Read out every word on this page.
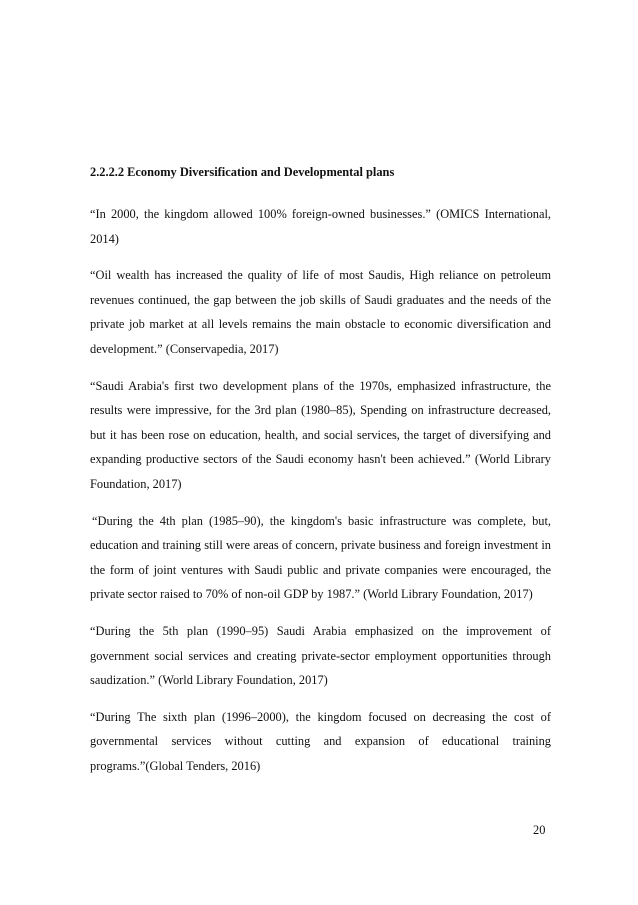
2.2.2.2 Economy Diversification and Developmental plans

“In 2000, the kingdom allowed 100% foreign-owned businesses.” (OMICS International, 2014)

“Oil wealth has increased the quality of life of most Saudis, High reliance on petroleum revenues continued, the gap between the job skills of Saudi graduates and the needs of the private job market at all levels remains the main obstacle to economic diversification and development.” (Conservapedia, 2017)

“Saudi Arabia's first two development plans of the 1970s, emphasized infrastructure, the results were impressive, for the 3rd plan (1980–85), Spending on infrastructure decreased, but it has been rose on education, health, and social services, the target of diversifying and expanding productive sectors of the Saudi economy hasn't been achieved.” (World Library Foundation, 2017)

“During the 4th plan (1985–90), the kingdom's basic infrastructure was complete, but, education and training still were areas of concern, private business and foreign investment in the form of joint ventures with Saudi public and private companies were encouraged, the private sector raised to 70% of non-oil GDP by 1987.” (World Library Foundation, 2017)

“During the 5th plan (1990–95) Saudi Arabia emphasized on the improvement of government social services and creating private-sector employment opportunities through saudization.” (World Library Foundation, 2017)

“During The sixth plan (1996–2000), the kingdom focused on decreasing the cost of governmental services without cutting and expansion of educational training programs.”(Global Tenders, 2016)

20
